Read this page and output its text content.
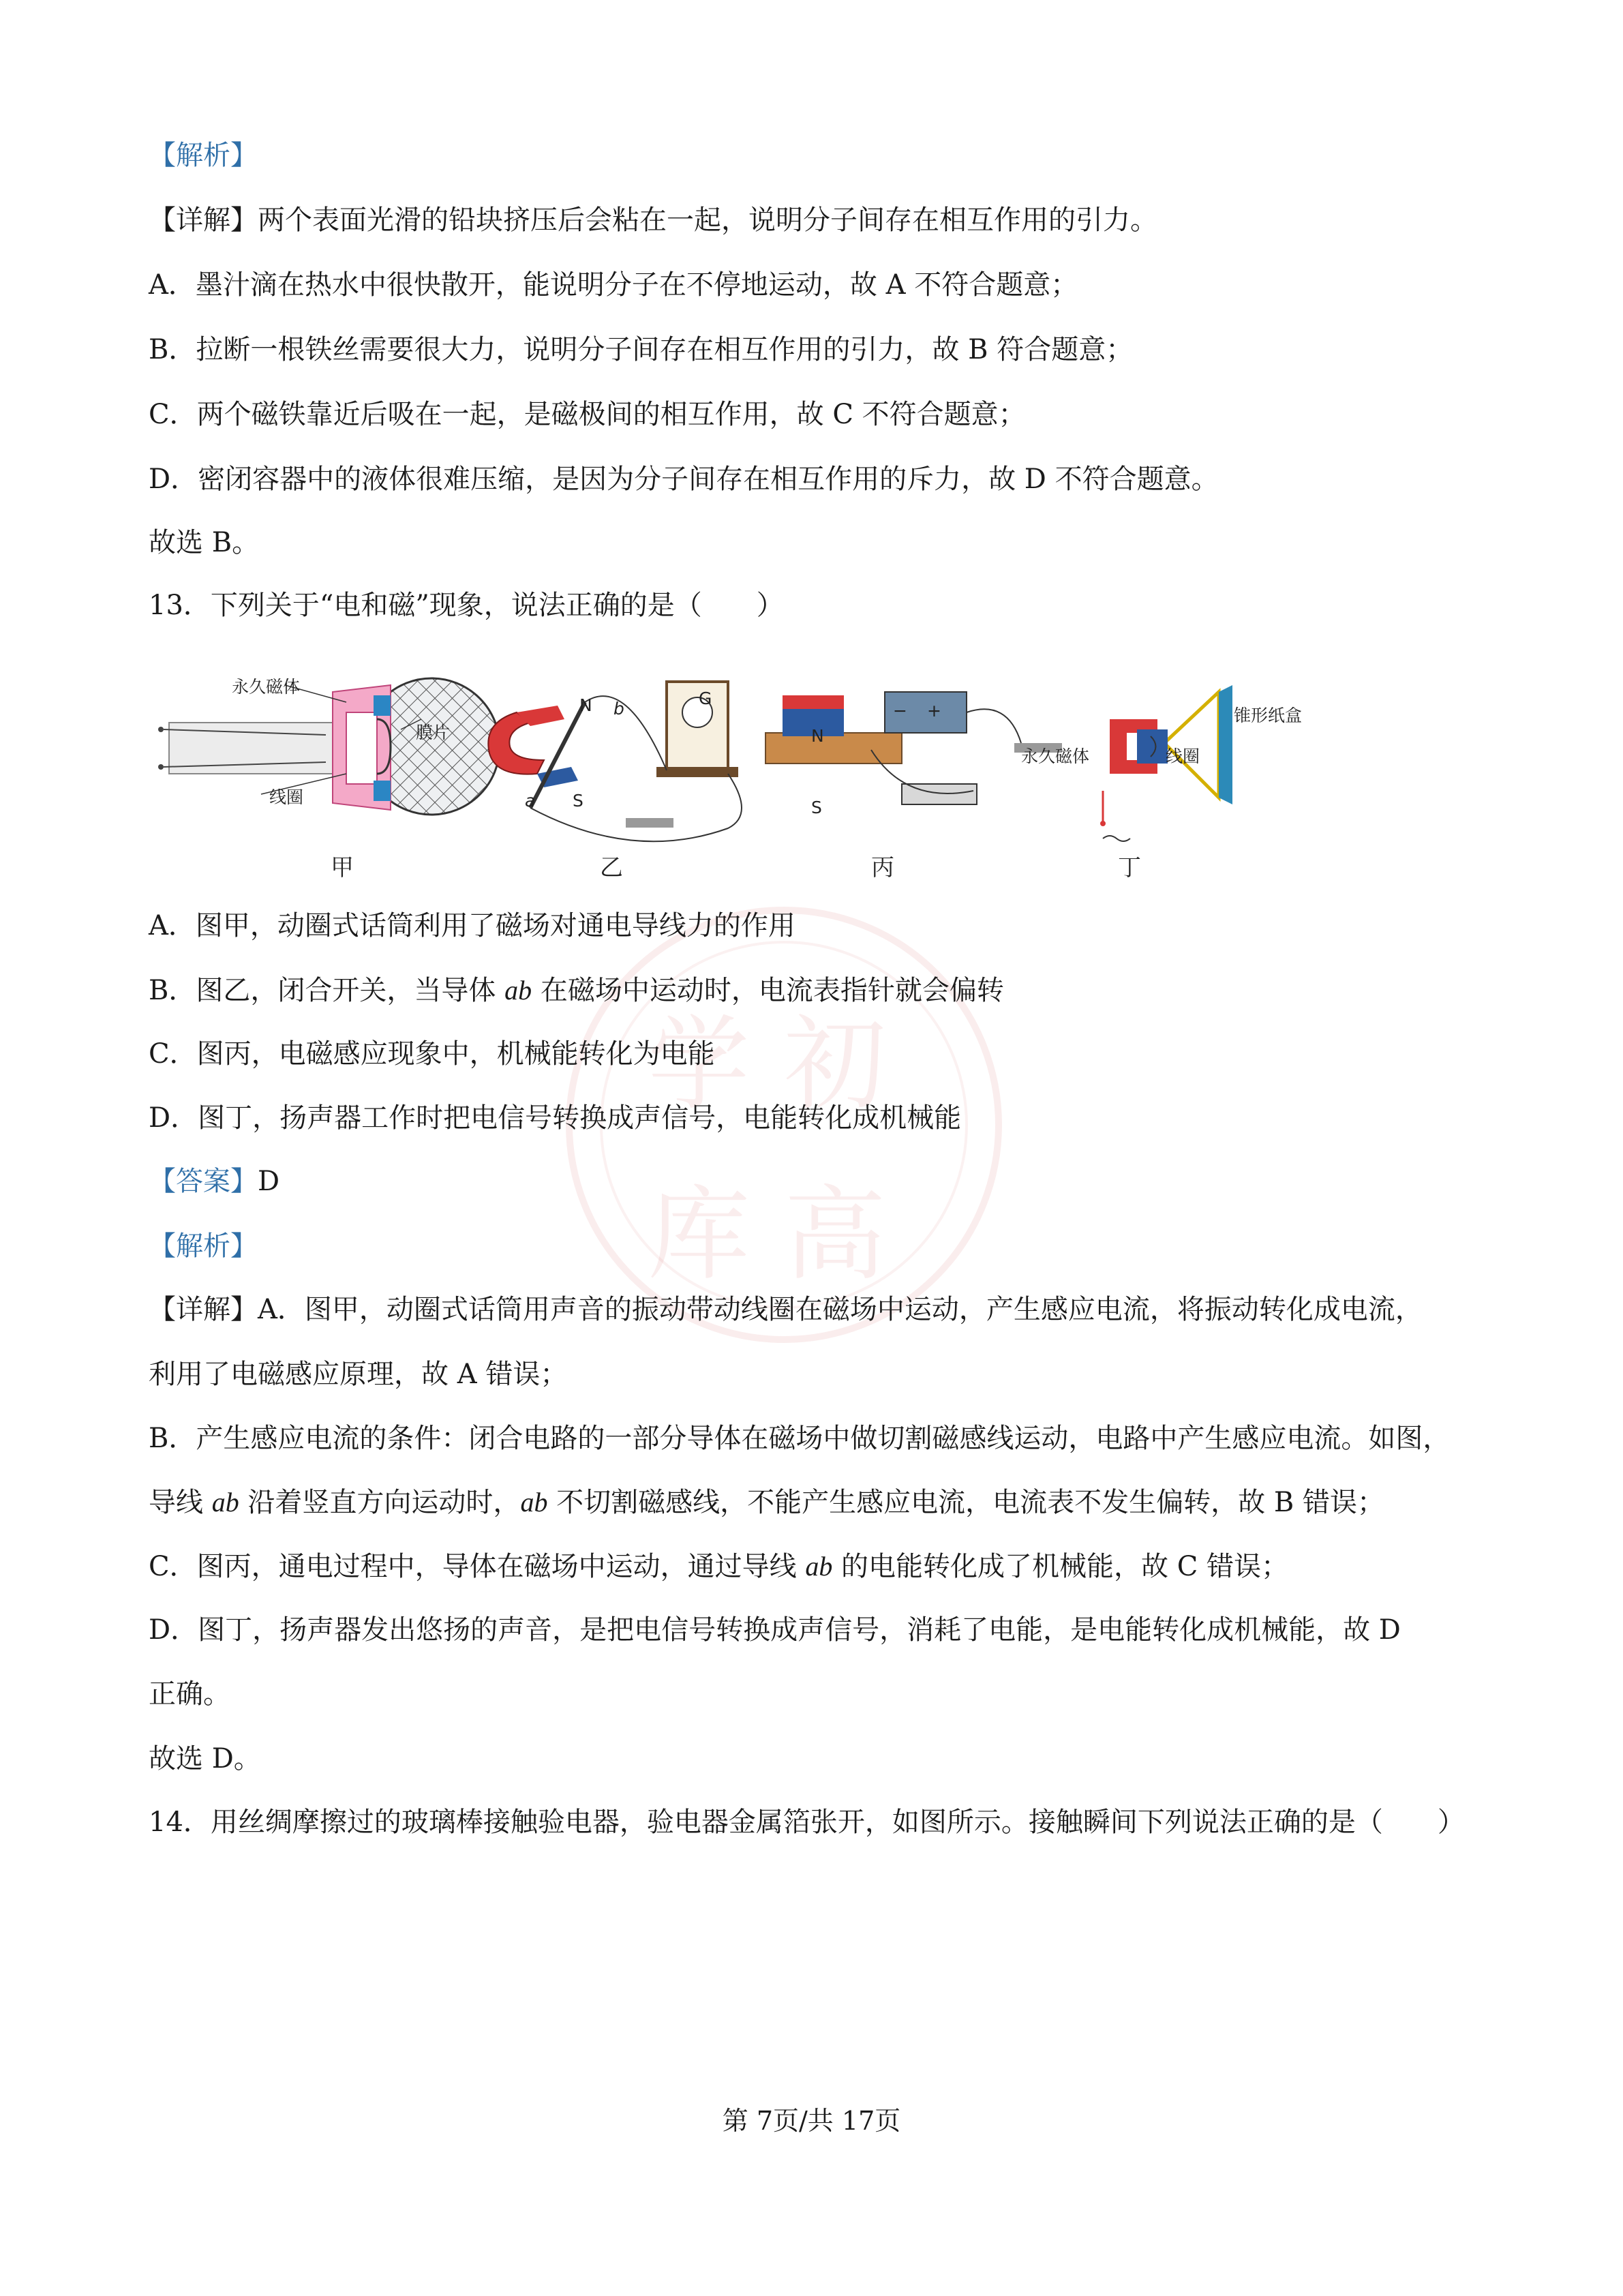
学 初
库 高
【解析】
【详解】两个表面光滑的铅块挤压后会粘在一起，说明分子间存在相互作用的引力。
A．墨汁滴在热水中很快散开，能说明分子在不停地运动，故 A 不符合题意；
B．拉断一根铁丝需要很大力，说明分子间存在相互作用的引力，故 B 符合题意；
C．两个磁铁靠近后吸在一起，是磁极间的相互作用，故 C 不符合题意；
D．密闭容器中的液体很难压缩，是因为分子间存在相互作用的斥力，故 D 不符合题意。
故选 B。
13．下列关于“电和磁”现象，说法正确的是（　　）
永久磁体
膜片
线圈
N b
a S
G
N
S
− +	锥形纸盒
永久磁体	线圈
甲	乙	丙	丁
A．图甲，动圈式话筒利用了磁场对通电导线力的作用
B．图乙，闭合开关，当导体 ab 在磁场中运动时，电流表指针就会偏转
C．图丙，电磁感应现象中，机械能转化为电能
D．图丁，扬声器工作时把电信号转换成声信号，电能转化成机械能
【答案】D
【解析】
【详解】A．图甲，动圈式话筒用声音的振动带动线圈在磁场中运动，产生感应电流，将振动转化成电流，
利用了电磁感应原理，故 A 错误；
B．产生感应电流的条件：闭合电路的一部分导体在磁场中做切割磁感线运动，电路中产生感应电流。如图，
导线 ab 沿着竖直方向运动时，ab 不切割磁感线，不能产生感应电流，电流表不发生偏转，故 B 错误；
C．图丙，通电过程中，导体在磁场中运动，通过导线 ab 的电能转化成了机械能，故 C 错误；
D．图丁，扬声器发出悠扬的声音，是把电信号转换成声信号，消耗了电能，是电能转化成机械能，故 D
正确。
故选 D。
14．用丝绸摩擦过的玻璃棒接触验电器，验电器金属箔张开，如图所示。接触瞬间下列说法正确的是（　　）
第 7页/共 17页
